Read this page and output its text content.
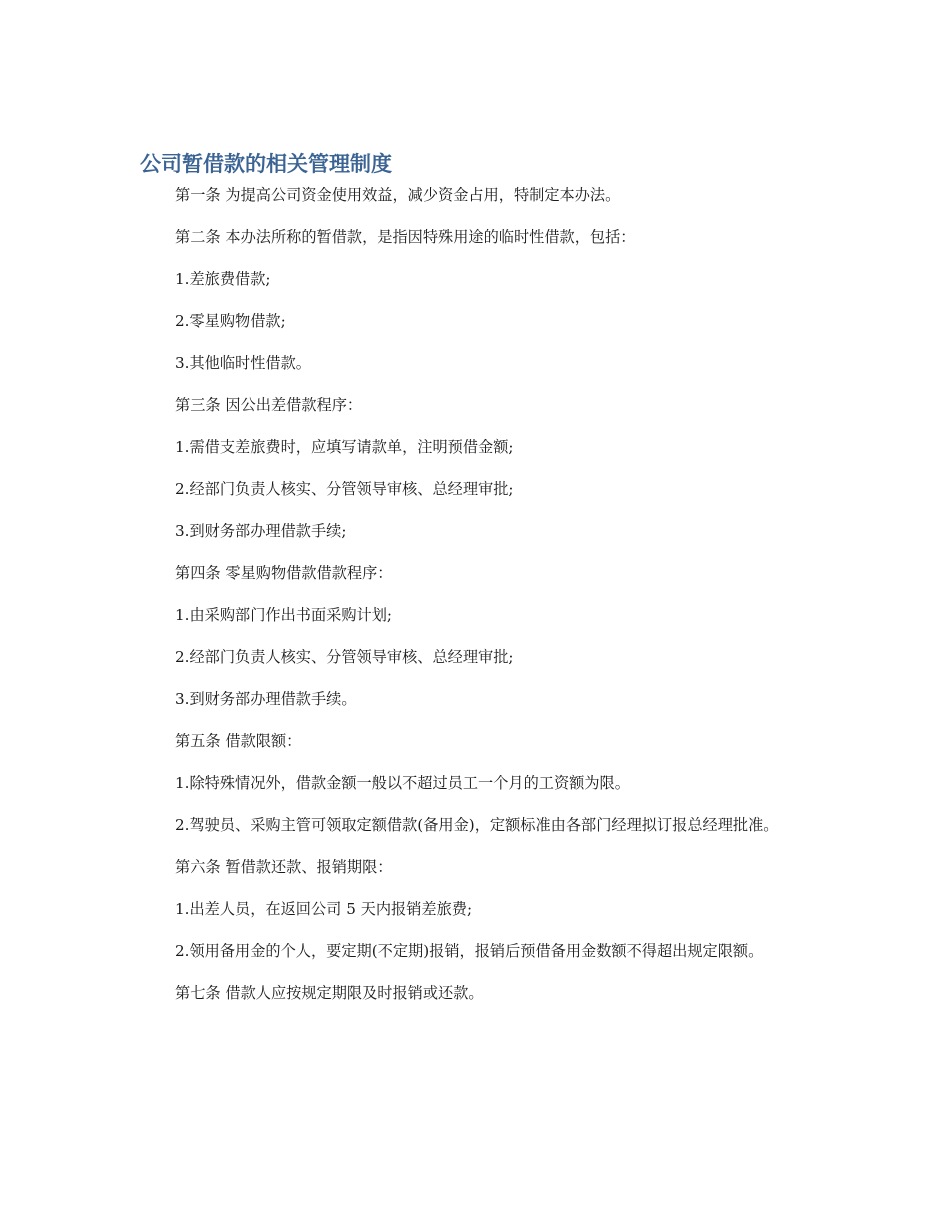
公司暂借款的相关管理制度

第一条 为提高公司资金使用效益，减少资金占用，特制定本办法。

第二条 本办法所称的暂借款，是指因特殊用途的临时性借款，包括：

1.差旅费借款;

2.零星购物借款;

3.其他临时性借款。

第三条 因公出差借款程序：

1.需借支差旅费时，应填写请款单，注明预借金额;

2.经部门负责人核实、分管领导审核、总经理审批;

3.到财务部办理借款手续;

第四条 零星购物借款借款程序：

1.由采购部门作出书面采购计划;

2.经部门负责人核实、分管领导审核、总经理审批;

3.到财务部办理借款手续。

第五条 借款限额：

1.除特殊情况外，借款金额一般以不超过员工一个月的工资额为限。

2.驾驶员、采购主管可领取定额借款(备用金)，定额标准由各部门经理拟订报总经理批准。

第六条 暂借款还款、报销期限：

1.出差人员，在返回公司 5 天内报销差旅费;

2.领用备用金的个人，要定期(不定期)报销，报销后预借备用金数额不得超出规定限额。

第七条 借款人应按规定期限及时报销或还款。
